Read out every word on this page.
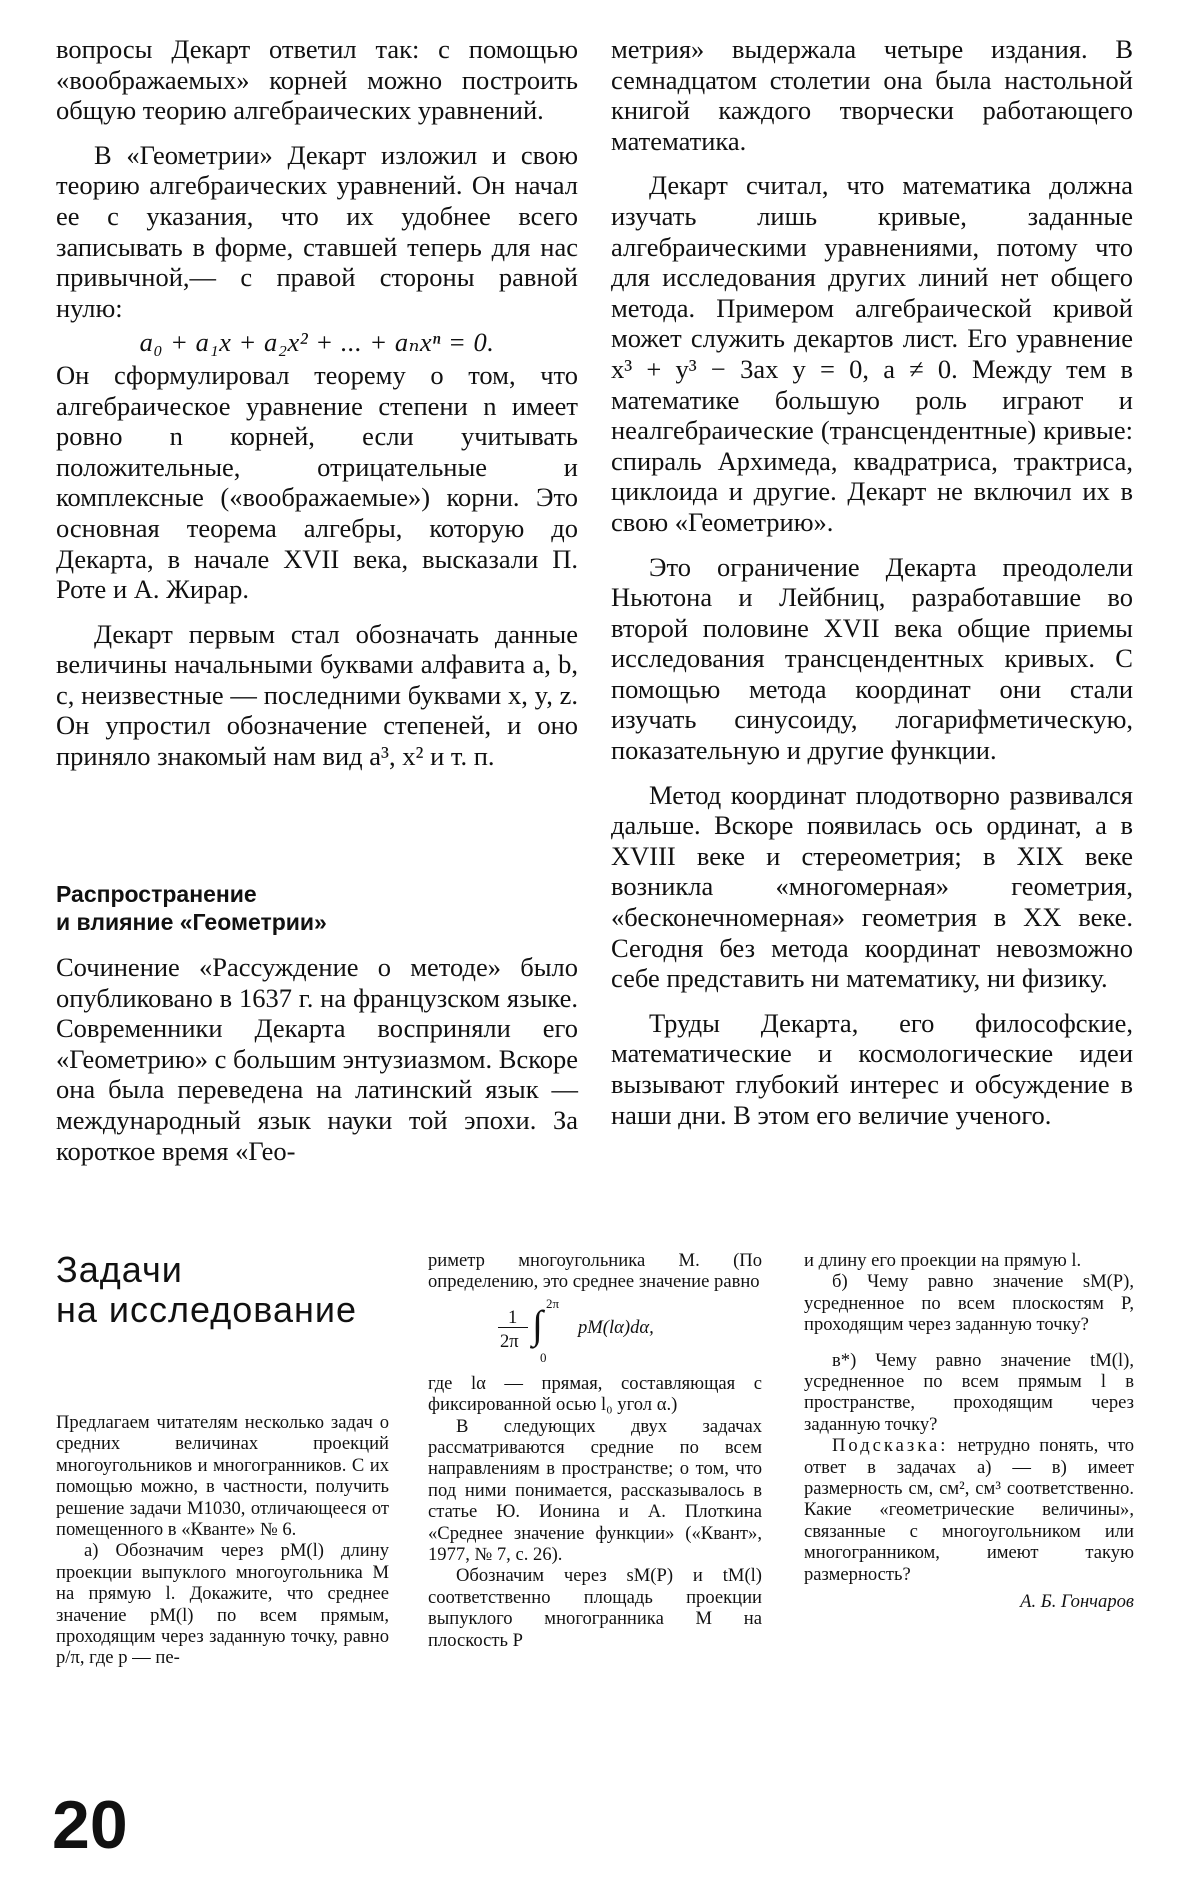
вопросы Декарт ответил так: с помощью «воображаемых» корней можно построить общую теорию алгебраических уравнений.

В «Геометрии» Декарт изложил и свою теорию алгебраических уравнений. Он начал ее с указания, что их удобнее всего записывать в форме, ставшей теперь для нас привычной,— с правой стороны равной нулю:

a₀ + a₁x + a₂x² + ... + aₙxⁿ = 0.

Он сформулировал теорему о том, что алгебраическое уравнение степени n имеет ровно n корней, если учитывать положительные, отрицательные и комплексные («воображаемые») корни. Это основная теорема алгебры, которую до Декарта, в начале XVII века, высказали П. Роте и А. Жирар.

Декарт первым стал обозначать данные величины начальными буквами алфавита a, b, c, неизвестные — последними буквами x, y, z. Он упростил обозначение степеней, и оно приняло знакомый нам вид a³, x² и т. п.

Распространение
и влияние «Геометрии»

Сочинение «Рассуждение о методе» было опубликовано в 1637 г. на французском языке. Современники Декарта восприняли его «Геометрию» с большим энтузиазмом. Вскоре она была переведена на латинский язык — международный язык науки той эпохи. За короткое время «Гео-

метрия» выдержала четыре издания. В семнадцатом столетии она была настольной книгой каждого творчески работающего математика.

Декарт считал, что математика должна изучать лишь кривые, заданные алгебраическими уравнениями, потому что для исследования других линий нет общего метода. Примером алгебраической кривой может служить декартов лист. Его уравнение x³ + y³ − 3ax y = 0, a ≠ 0. Между тем в математике большую роль играют и неалгебраические (трансцендентные) кривые: спираль Архимеда, квадратриса, трактриса, циклоида и другие. Декарт не включил их в свою «Геометрию».

Это ограничение Декарта преодолели Ньютона и Лейбниц, разработавшие во второй половине XVII века общие приемы исследования трансцендентных кривых. С помощью метода координат они стали изучать синусоиду, логарифметическую, показательную и другие функции.

Метод координат плодотворно развивался дальше. Вскоре появилась ось ординат, а в XVIII веке и стереометрия; в XIX веке возникла «многомерная» геометрия, «бесконечномерная» геометрия в XX веке. Сегодня без метода координат невозможно себе представить ни математику, ни физику.

Труды Декарта, его философские, математические и космологические идеи вызывают глубокий интерес и обсуждение в наши дни. В этом его величие ученого.

Задачи
на исследование

Предлагаем читателям несколько задач о средних величинах проекций многоугольников и многогранников. С их помощью можно, в частности, получить решение задачи М1030, отличающееся от помещенного в «Кванте» № 6.

а) Обозначим через pM(l) длину проекции выпуклого многоугольника M на прямую l. Докажите, что среднее значение pM(l) по всем прямым, проходящим через заданную точку, равно p/π, где p — пе-

риметр многоугольника M. (По определению, это среднее значение равно

1
2π ∫ 2π
0
pM(lα)dα,

где lα — прямая, составляющая с фиксированной осью l₀ угол α.)

В следующих двух задачах рассматриваются средние по всем направлениям в пространстве; о том, что под ними понимается, рассказывалось в статье Ю. Ионина и А. Плоткина «Среднее значение функции» («Квант», 1977, № 7, с. 26).

Обозначим через sM(P) и tM(l) соответственно площадь проекции выпуклого многогранника M на плоскость P

и длину его проекции на прямую l.

б) Чему равно значение sM(P), усредненное по всем плоскостям P, проходящим через заданную точку?

в*) Чему равно значение tM(l), усредненное по всем прямым l в пространстве, проходящим через заданную точку?

Подсказка: нетрудно понять, что ответ в задачах а) — в) имеет размерность см, см², см³ соответственно. Какие «геометрические величины», связанные с многоугольником или многогранником, имеют такую размерность?

А. Б. Гончаров
20
